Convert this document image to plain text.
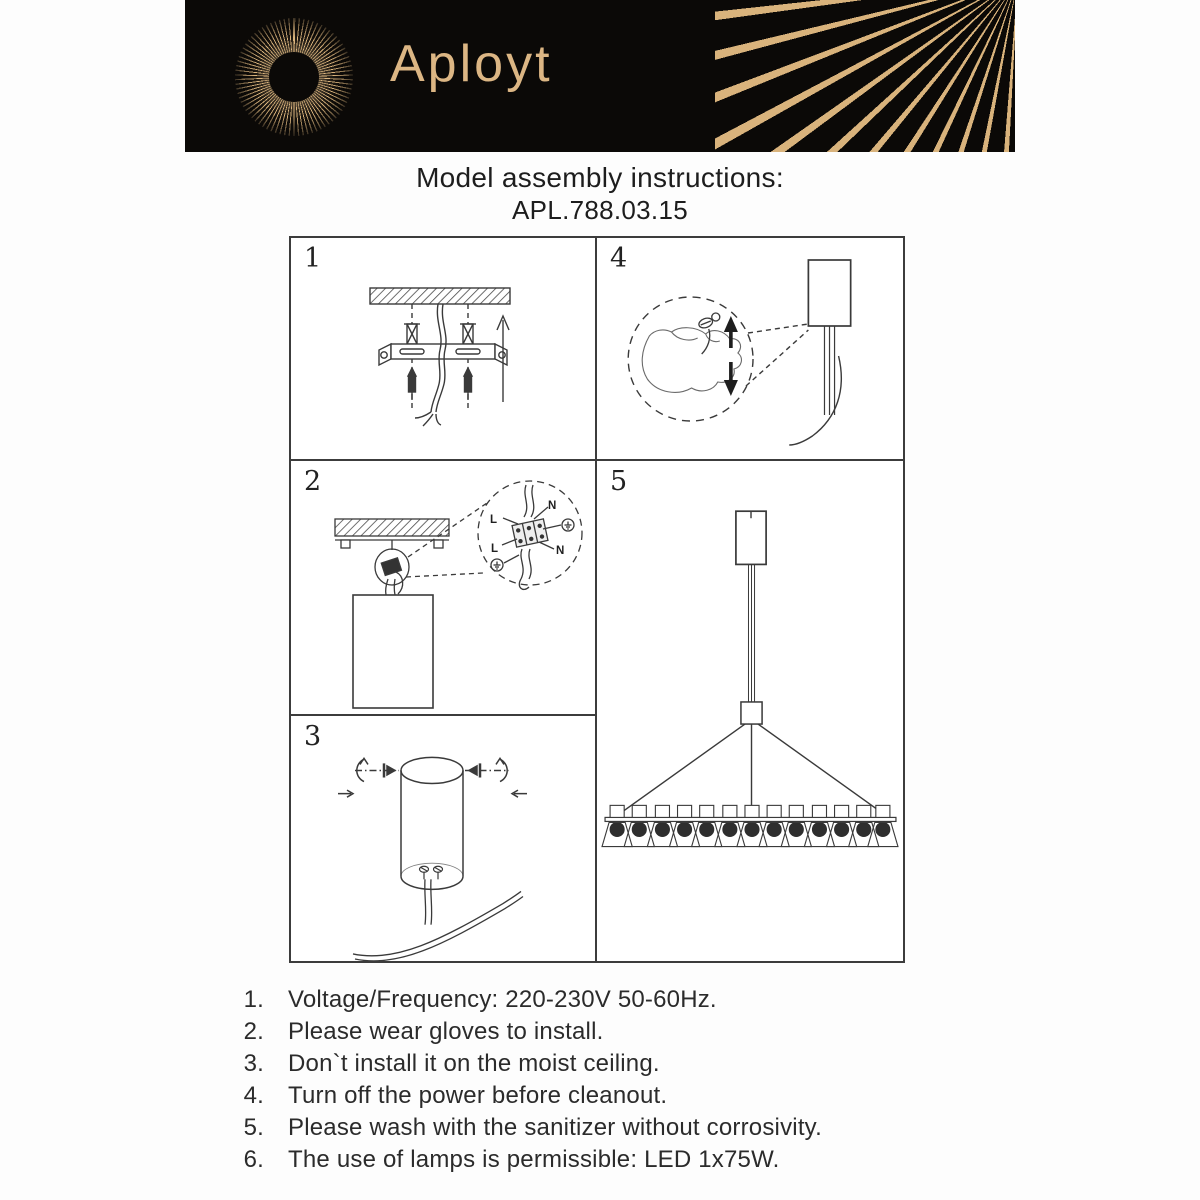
Aployt
Model assembly instructions:
APL.788.03.15
1
2
L
N
L	N
3
4
5
1. Voltage/Frequency: 220-230V 50-60Hz.
2. Please wear gloves to install.
3. Don`t install it on the moist ceiling.
4. Turn off the power before cleanout.
5. Please wash with the sanitizer without corrosivity.
6. The use of lamps is permissible: LED 1x75W.
